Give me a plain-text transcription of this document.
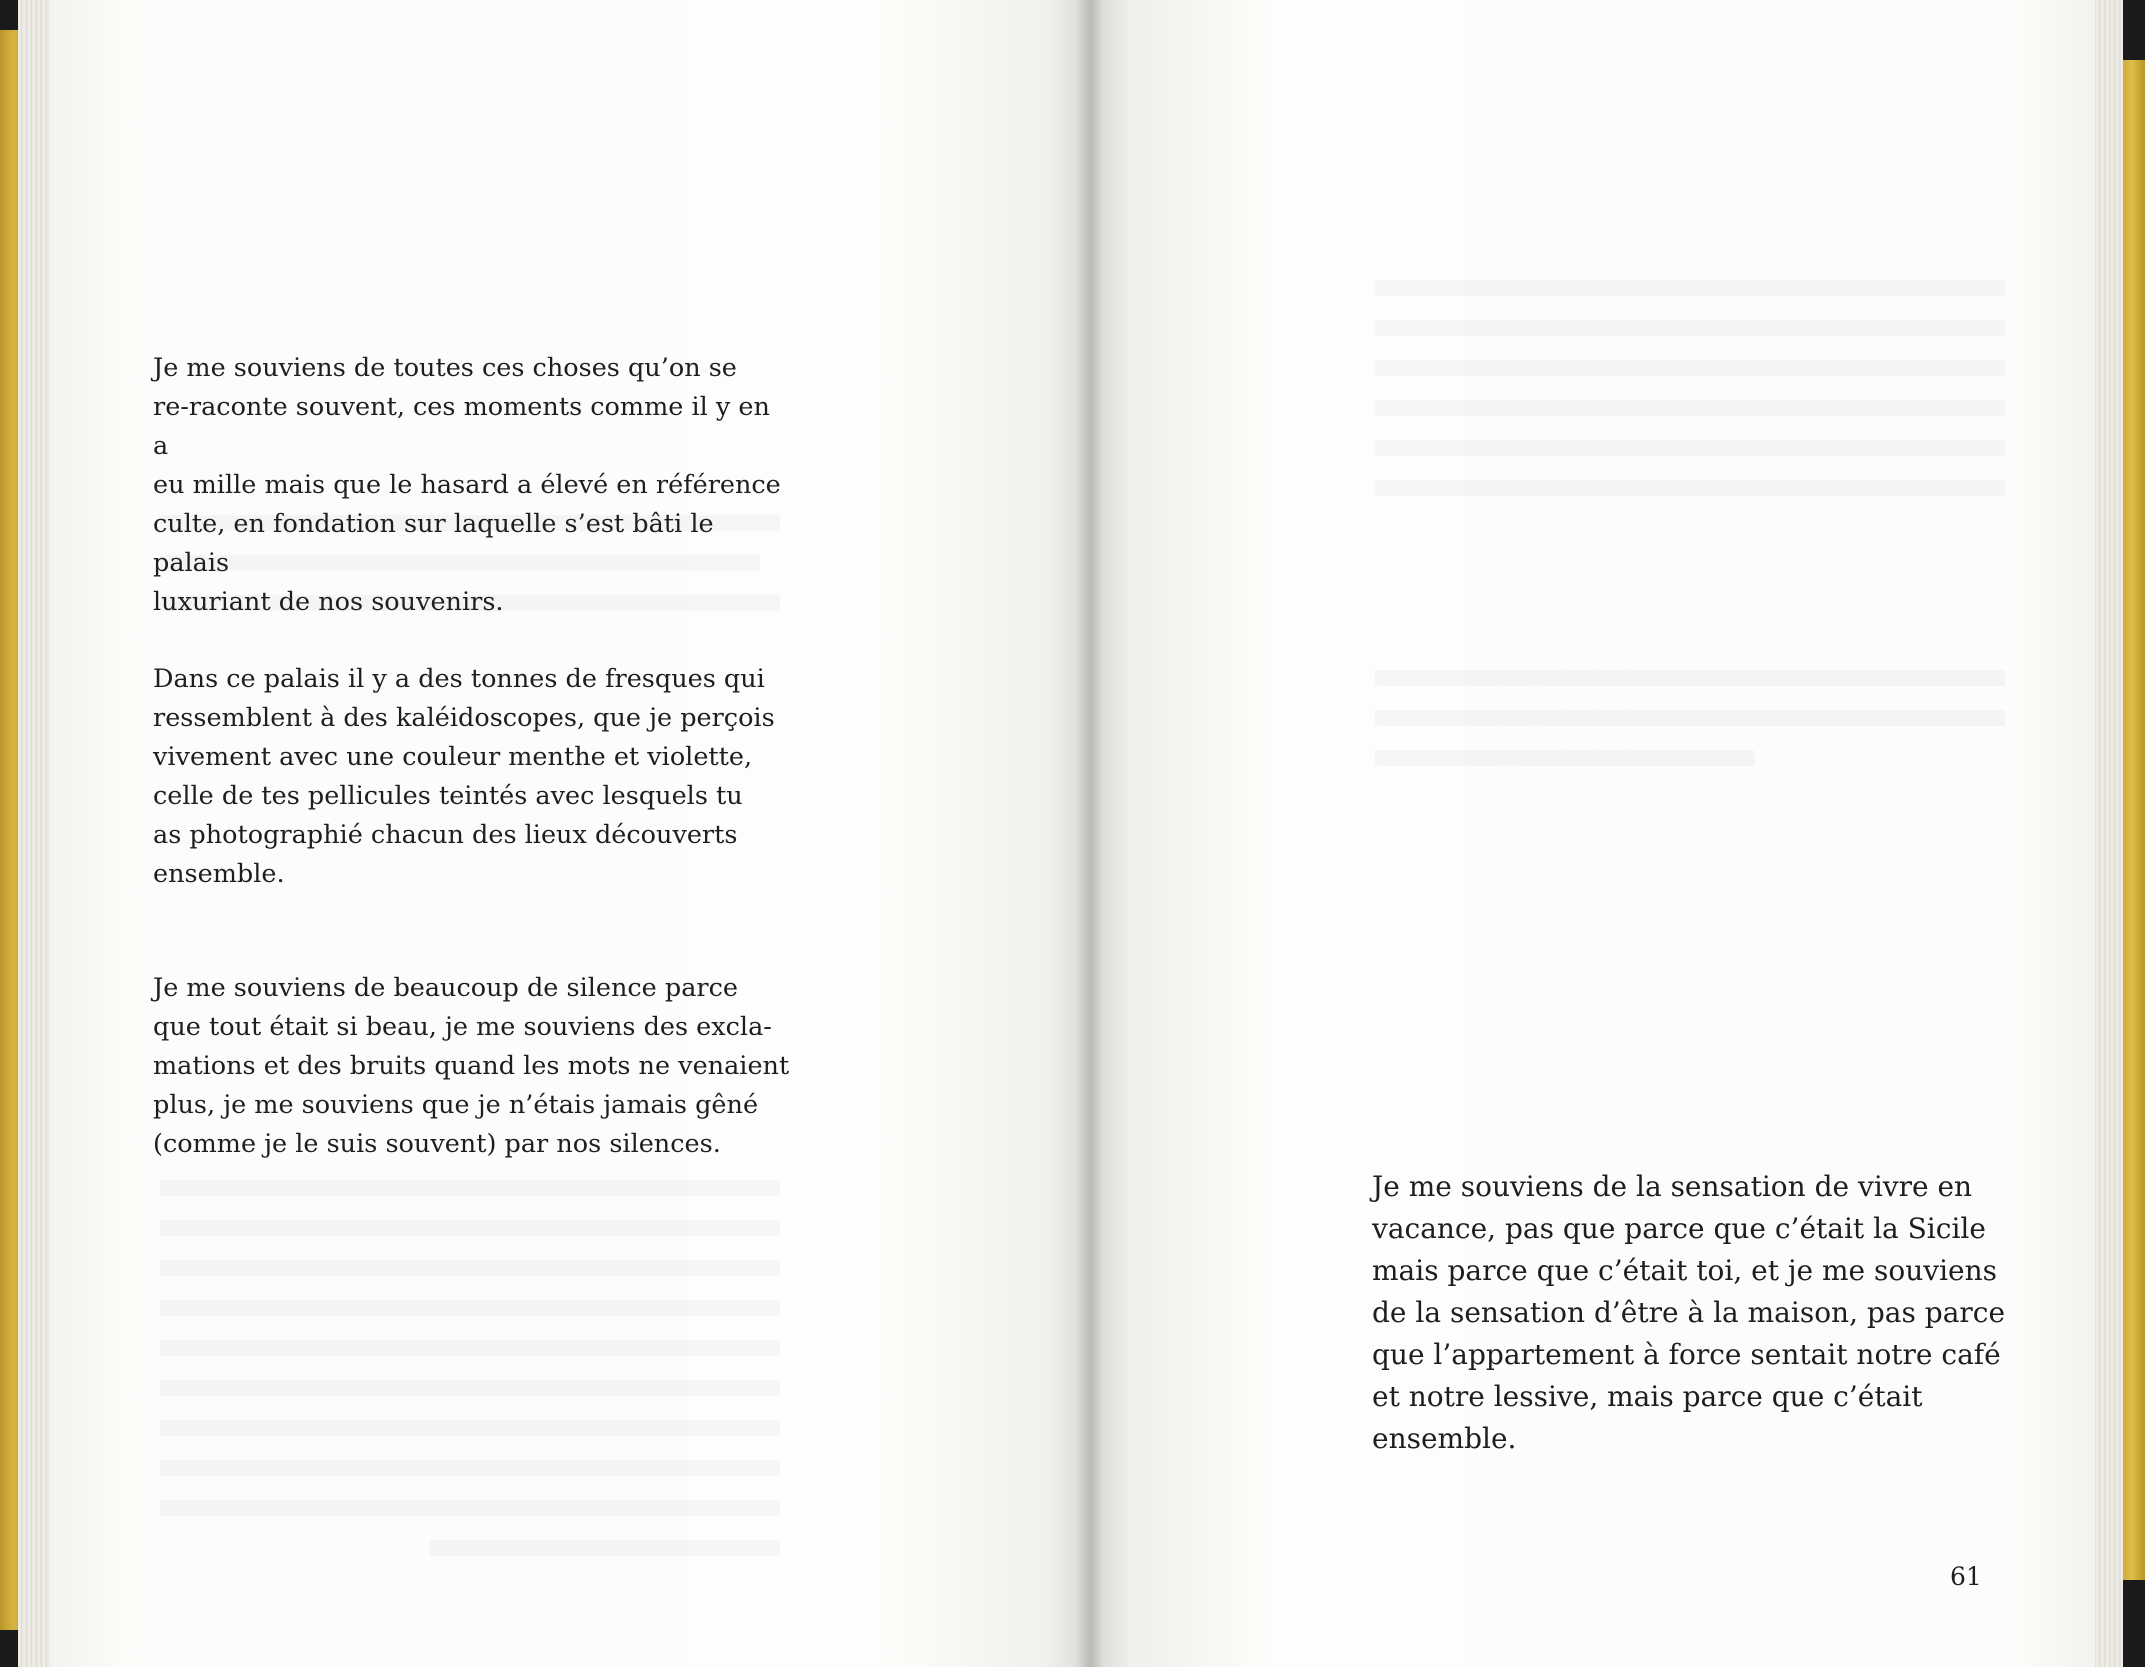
Je me souviens de toutes ces choses qu’on se
re-raconte souvent, ces moments comme il y en a
eu mille mais que le hasard a élevé en référence
culte, en fondation sur laquelle s’est bâti le palais
luxuriant de nos souvenirs.

Dans ce palais il y a des tonnes de fresques qui
ressemblent à des kaléidoscopes, que je perçois
vivement avec une couleur menthe et violette,
celle de tes pellicules teintés avec lesquels tu
as photographié chacun des lieux découverts
ensemble.

Je me souviens de beaucoup de silence parce
que tout était si beau, je me souviens des excla-
mations et des bruits quand les mots ne venaient
plus, je me souviens que je n’étais jamais gêné
(comme je le suis souvent) par nos silences.

Je me souviens de la sensation de vivre en
vacance, pas que parce que c’était la Sicile
mais parce que c’était toi, et je me souviens
de la sensation d’être à la maison, pas parce
que l’appartement à force sentait notre café
et notre lessive, mais parce que c’était
ensemble.

61
